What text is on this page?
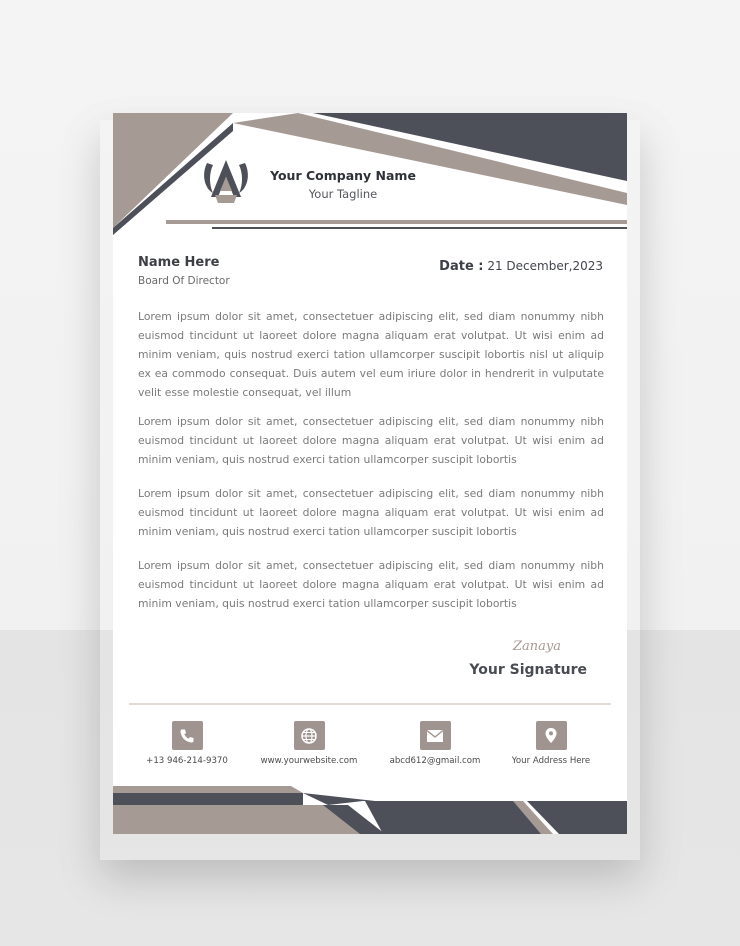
Your Company Name
Your Tagline
Name Here
Board Of Director
Date : 21 December,2023

Lorem ipsum dolor sit amet, consectetuer adipiscing elit, sed diam nonummy nibh euismod tincidunt ut laoreet dolore magna aliquam erat volutpat. Ut wisi enim ad minim veniam, quis nostrud exerci tation ullamcorper suscipit lobortis nisl ut aliquip ex ea commodo consequat. Duis autem vel eum iriure dolor in hendrerit in vulputate velit esse molestie consequat, vel illum

Lorem ipsum dolor sit amet, consectetuer adipiscing elit, sed diam nonummy nibh euismod tincidunt ut laoreet dolore magna aliquam erat volutpat. Ut wisi enim ad minim veniam, quis nostrud exerci tation ullamcorper suscipit lobortis

Lorem ipsum dolor sit amet, consectetuer adipiscing elit, sed diam nonummy nibh euismod tincidunt ut laoreet dolore magna aliquam erat volutpat. Ut wisi enim ad minim veniam, quis nostrud exerci tation ullamcorper suscipit lobortis

Lorem ipsum dolor sit amet, consectetuer adipiscing elit, sed diam nonummy nibh euismod tincidunt ut laoreet dolore magna aliquam erat volutpat. Ut wisi enim ad minim veniam, quis nostrud exerci tation ullamcorper suscipit lobortis

Zanaya
Your Signature
+13 946-214-9370	www.yourwebsite.com	abcd612@gmail.com	Your Address Here
